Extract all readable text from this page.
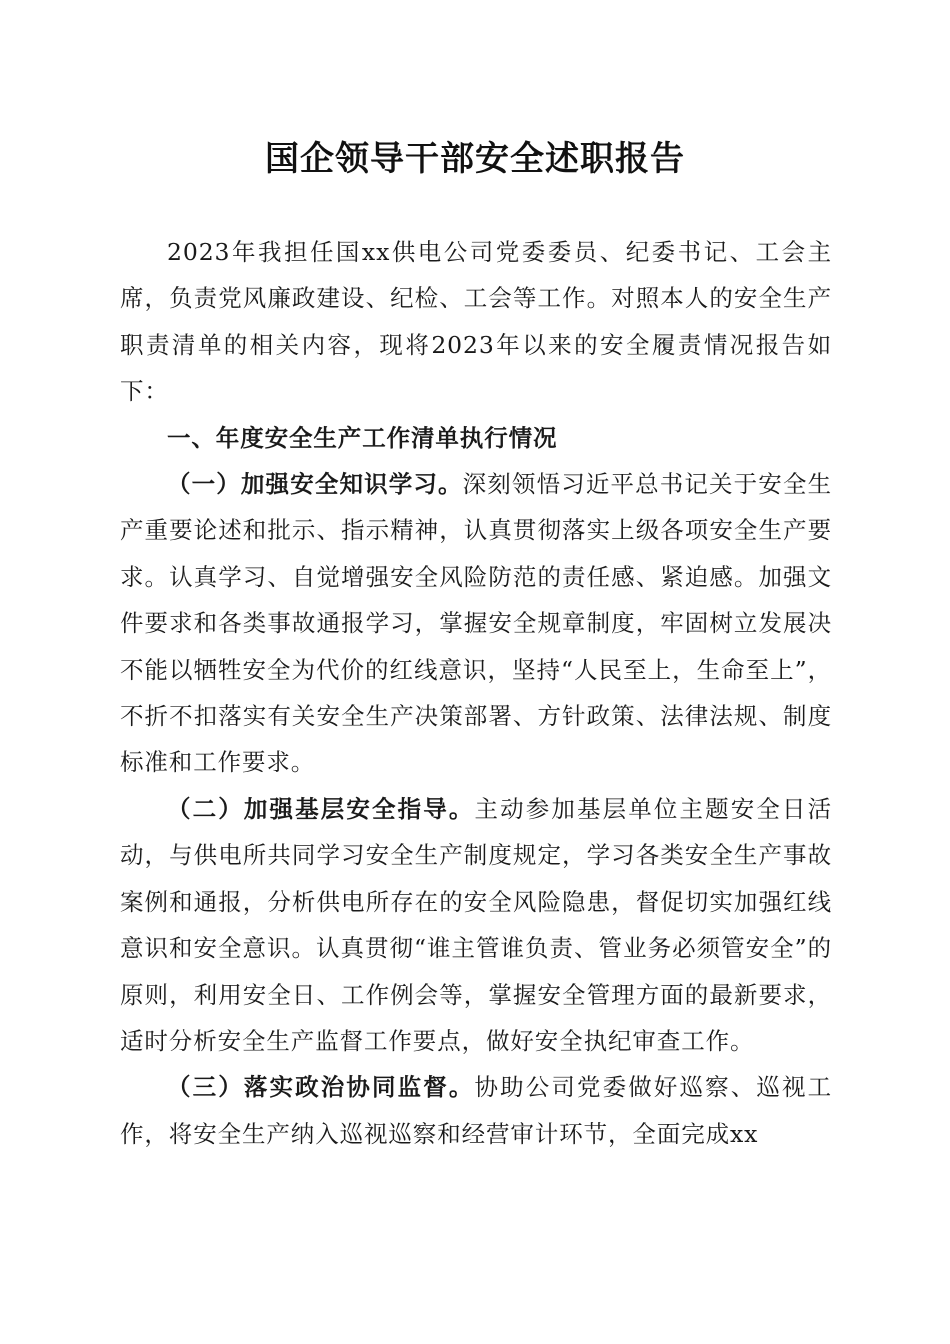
国企领导干部安全述职报告

2023年我担任国xx供电公司党委委员、纪委书记、工会主席，负责党风廉政建设、纪检、工会等工作。对照本人的安全生产职责清单的相关内容，现将2023年以来的安全履责情况报告如下：

一、年度安全生产工作清单执行情况

（一）加强安全知识学习。深刻领悟习近平总书记关于安全生产重要论述和批示、指示精神，认真贯彻落实上级各项安全生产要求。认真学习、自觉增强安全风险防范的责任感、紧迫感。加强文件要求和各类事故通报学习，掌握安全规章制度，牢固树立发展决不能以牺牲安全为代价的红线意识，坚持“人民至上，生命至上”，不折不扣落实有关安全生产决策部署、方针政策、法律法规、制度标准和工作要求。

（二）加强基层安全指导。主动参加基层单位主题安全日活动，与供电所共同学习安全生产制度规定，学习各类安全生产事故案例和通报，分析供电所存在的安全风险隐患，督促切实加强红线意识和安全意识。认真贯彻“谁主管谁负责、管业务必须管安全”的原则，利用安全日、工作例会等，掌握安全管理方面的最新要求，适时分析安全生产监督工作要点，做好安全执纪审查工作。

（三）落实政治协同监督。协助公司党委做好巡察、巡视工作，将安全生产纳入巡视巡察和经营审计环节，全面完成xx
